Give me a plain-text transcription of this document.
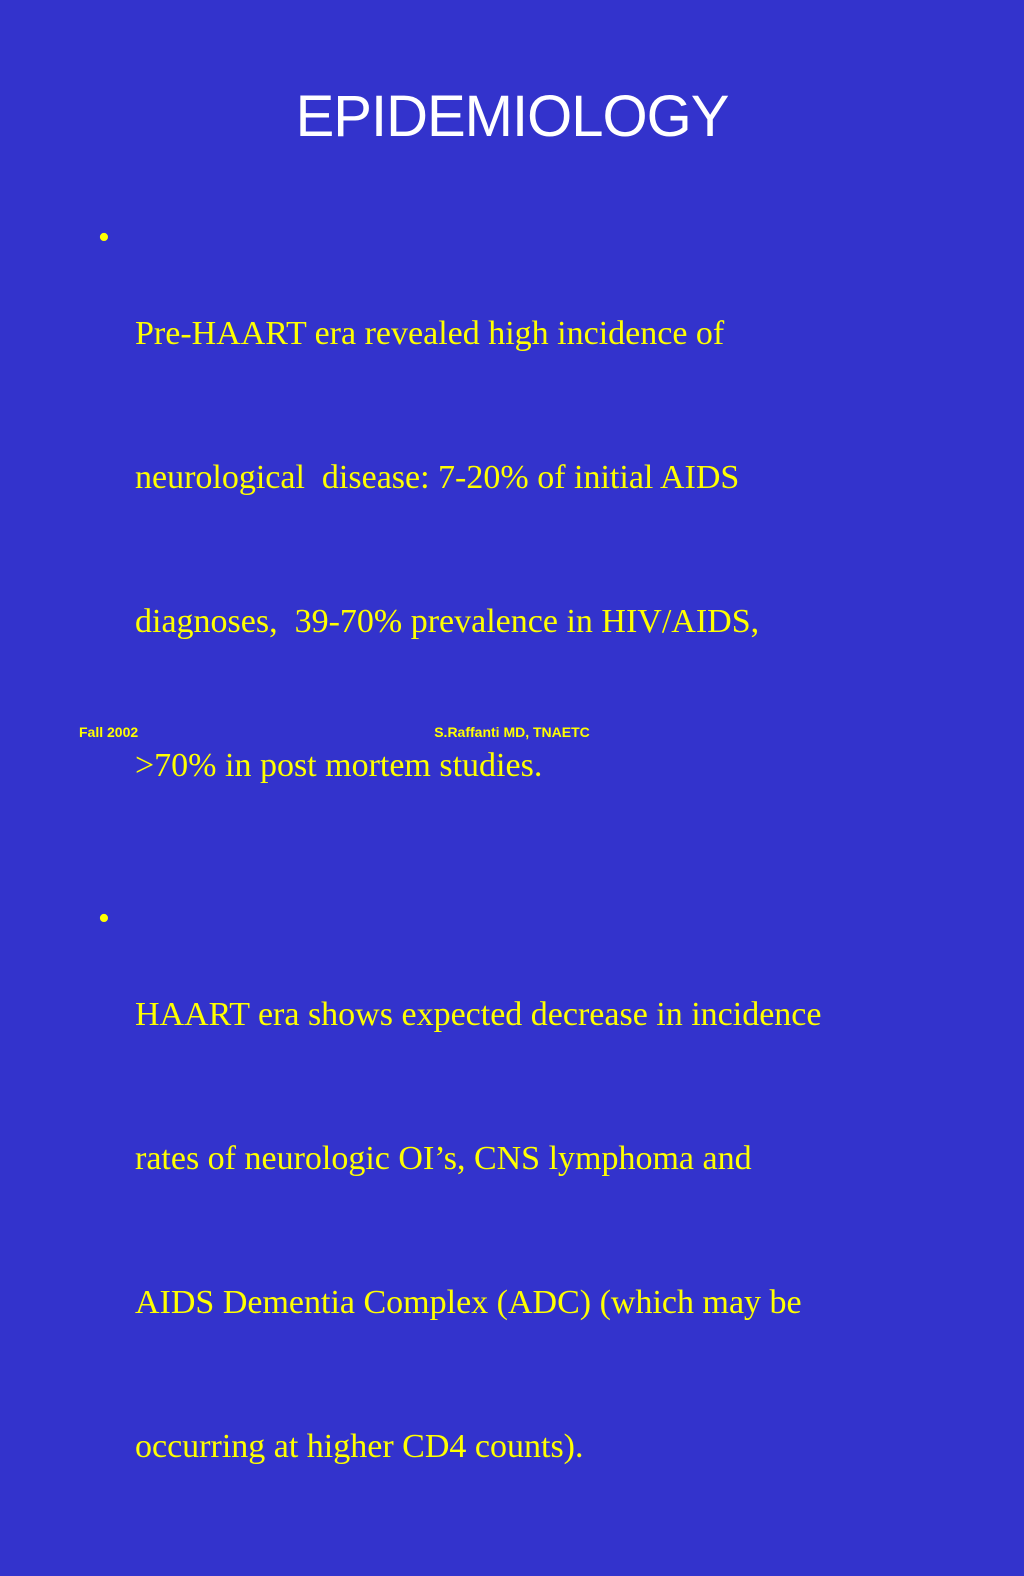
EPIDEMIOLOGY
•

Pre-HAART era revealed high incidence of

neurological  disease: 7-20% of initial AIDS

diagnoses,  39-70% prevalence in HIV/AIDS,

>70% in post mortem studies.

•

HAART era shows expected decrease in incidence

rates of neurologic OI’s, CNS lymphoma and

AIDS Dementia Complex (ADC) (which may be

occurring at higher CD4 counts).

Fall 2002	S.Raffanti MD, TNAETC
